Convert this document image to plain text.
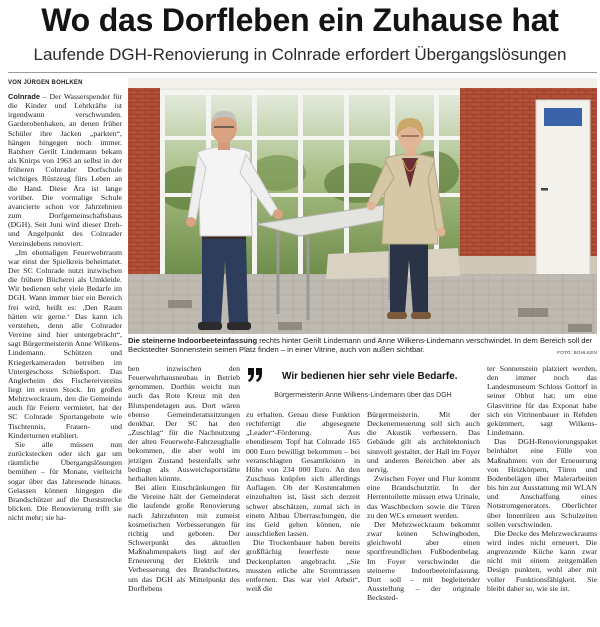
Wo das Dorfleben ein Zuhause hat
Laufende DGH-Renovierung in Colnrade erfordert Übergangslösungen
VON JÜRGEN BOHLKEN
Die steinerne Indoorbeeteinfassung rechts hinter Gerilt Lindemann und Anne Wilkens-Lindemann verschwindet. In dem Bereich soll der Beckstedter Sonnenstein seinen Platz finden – in einer Vitrine, auch von außen sichtbar.	FOTO: BOHLKEN
Wir bedienen hier sehr viele Bedarfe.
Bürgermeisterin Anne Wilkens-Lindemann über das DGH

Colnrade – Der Wasserspender für die Kinder und Lehrkräfte ist irgendwann verschwunden. Garderobenhaken, an denen früher Schüler ihre Jacken „parkten“, hängen hingegen noch immer. Ratsherr Gerilt Lindemann bekam als Knirps von 1963 an selbst in der früheren Colnrader Dorfschule wichtiges Rüstzeug fürs Leben an die Hand. Diese Ära ist lange vorüber. Die vormalige Schule avancierte schon vor Jahrzehnten zum Dorfgemeinschaftshaus (DGH). Seit Juni wird dieser Dreh- und Angelpunkt des Colnrader Vereinslebens renoviert.

„Im ehemaligen Feuerwehrraum war einst der Spielkreis beheimatet. Der SC Colnrade nutzt inzwischen die frühere Bücherei als Umkleide. Wir bedienen sehr viele Bedarfe im DGH. Wann immer hier ein Bereich frei wird, heißt es: ‚Den Raum hätten wir gerne.‘ Das kann ich verstehen, denn alle Colnrader Vereine sind hier untergebracht“, sagt Bürgermeisterin Anne Wilkens-Lindemann. Schützen und Kriegerkameraden betreiben im Untergeschoss Schießsport. Das Anglerheim des Fischereivereins liegt im ersten Stock. Im großen Mehrzweckraum, den die Gemeinde auch für Feiern vermietet, hat der SC Colnrade Sportangebote wie Tischtennis, Frauen- und Kinderturnen etabliert.

Sie alle müssen nun zurückstecken oder sich gar um räumliche Übergangslösungen bemühen – für Monate, vielleicht sogar über das Jahresende hinaus. Gelassen können hingegen die Brandschützer auf die Durststrecke blicken. Die Renovierung trifft sie nicht mehr; sie ha-

ben inzwischen den Feuerwehrhausneubau in Betrieb genommen. Dorthin weicht nun auch das Rote Kreuz mit den Blutspendetagen aus. Dort wären ebenso Gemeinderatssitzungen denkbar. Der SC hat den „Zuschlag“ für die Nachnutzung der alten Feuerwehr-Fahrzeughalle bekommen, die aber wohl im jetzigen Zustand bestenfalls sehr bedingt als Ausweichsportstätte herhalten könnte.

Bei allen Einschränkungen für die Vereine hält der Gemeinderat die laufende große Renovierung nach Jahrzehnten mit zumeist kosmetischen Verbesserungen für richtig und geboten. Der Schwerpunkt des aktuellen Maßnahmenpakets liegt auf der Erneuerung der Elektrik und Verbesserung des Brandschutzes, um das DGH als Mittelpunkt des Dorflebens

zu erhalten. Genau diese Funktion rechtfertigt die abgesegnete „Leader“-Förderung. Aus ebendiesem Topf hat Colnrade 165 000 Euro bewilligt bekommen – bei veranschlagten Gesamtkosten in Höhe von 234 000 Euro. An den Zuschuss knüpfen sich allerdings Auflagen. Ob der Kostenrahmen einzuhalten ist, lässt sich derzeit schwer abschätzen, zumal sich in einem Altbau Überraschungen, die ins Geld gehen können, nie ausschließen lassen.

Die Trockenbauer haben bereits großflächig feuerfeste neue Deckenplatten angebracht. „Sie mussten etliche alte Stromtrassen entfernen. Das war viel Arbeit“, weiß die

Bürgermeisterin. Mit der Deckenerneuerung soll sich auch die Akustik verbessern. Das Gebäude gilt als architektonisch sinnvoll gestaltet, der Hall im Foyer und anderen Bereichen aber als nervig.

Zwischen Foyer und Flur kommt eine Brandschutztür. In der Herrentoilette müssen etwa Urinale, das Waschbecken sowie die Türen zu den WCs erneuert werden.

Der Mehrzweckraum bekommt zwar keinen Schwingboden, gleichwohl aber einen sportfreundlichen Fußbodenbelag. Im Foyer verschwindet die steinerne Indoorbeeteinfassung. Dort soll – mit begleitender Ausstellung – der originale Becksted-

ter Sonnenstein platziert werden, den immer noch das Landesmuseum Schloss Gottorf in seiner Obhut hat; um eine Glasvitrine für das Exponat habe sich ein Vitrinenbauer in Rehden gekümmert, sagt Wilkens-Lindemann.

Das DGH-Renovierungspaket beinhaltet eine Fülle von Maßnahmen: von der Erneuerung von Heizkörpern, Türen und Bodenbelägen über Malerarbeiten bis hin zur Ausstattung mit WLAN und Anschaffung eines Notstromgenerators. Oberlichter über Innentüren aus Schulzeiten sollen verschwinden.

Die Decke des Mehrzweckraums wird indes nicht erneuert. Die angrenzende Küche kann zwar nicht mit einem zeitgemäßen Design punkten, wohl aber mit voller Funktionsfähigkeit. Sie bleibt daher so, wie sie ist.
